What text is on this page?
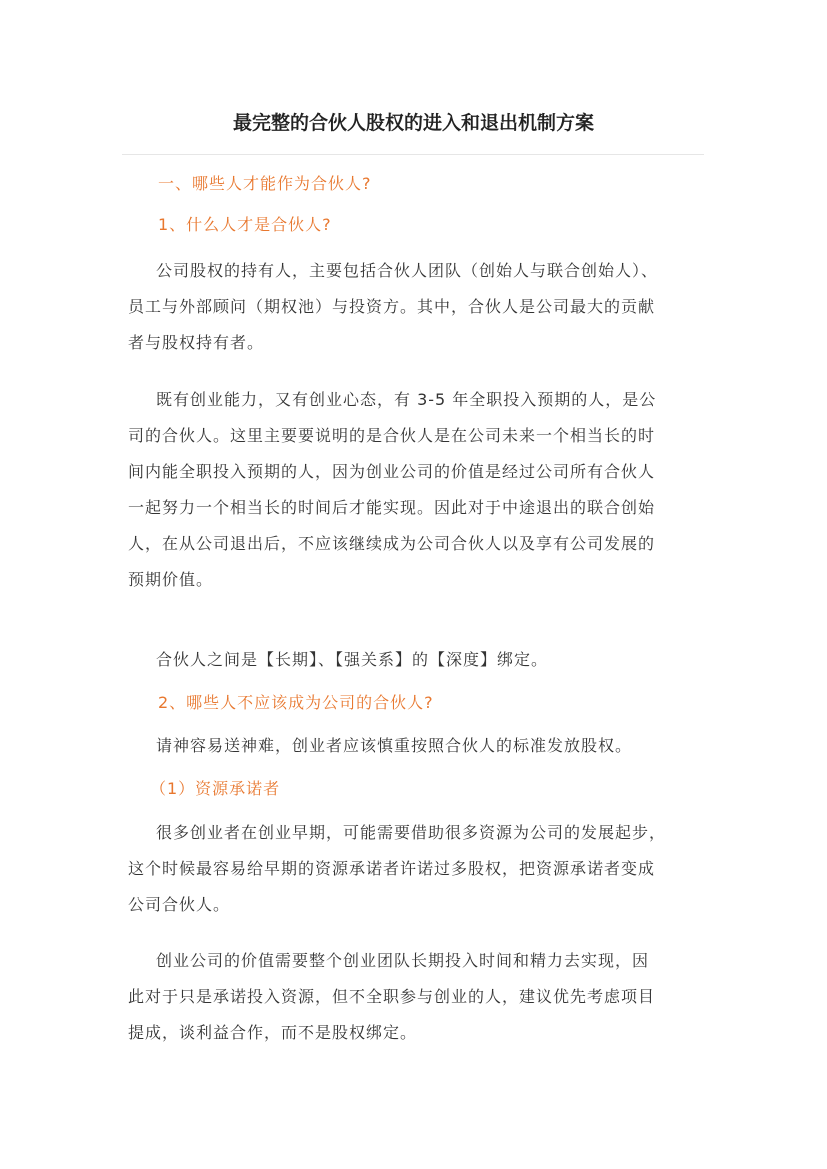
最完整的合伙人股权的进入和退出机制方案
一、哪些人才能作为合伙人?
1、什么人才是合伙人?
公司股权的持有人，主要包括合伙人团队（创始人与联合创始人）、
员工与外部顾问（期权池）与投资方。其中，合伙人是公司最大的贡献
者与股权持有者。
既有创业能力，又有创业心态，有 3-5 年全职投入预期的人，是公
司的合伙人。这里主要要说明的是合伙人是在公司未来一个相当长的时
间内能全职投入预期的人，因为创业公司的价值是经过公司所有合伙人
一起努力一个相当长的时间后才能实现。因此对于中途退出的联合创始
人，在从公司退出后，不应该继续成为公司合伙人以及享有公司发展的
预期价值。
合伙人之间是【长期】、【强关系】的【深度】绑定。
2、哪些人不应该成为公司的合伙人?
请神容易送神难，创业者应该慎重按照合伙人的标准发放股权。
（1）资源承诺者
很多创业者在创业早期，可能需要借助很多资源为公司的发展起步，
这个时候最容易给早期的资源承诺者许诺过多股权，把资源承诺者变成
公司合伙人。
创业公司的价值需要整个创业团队长期投入时间和精力去实现，因
此对于只是承诺投入资源，但不全职参与创业的人，建议优先考虑项目
提成，谈利益合作，而不是股权绑定。
